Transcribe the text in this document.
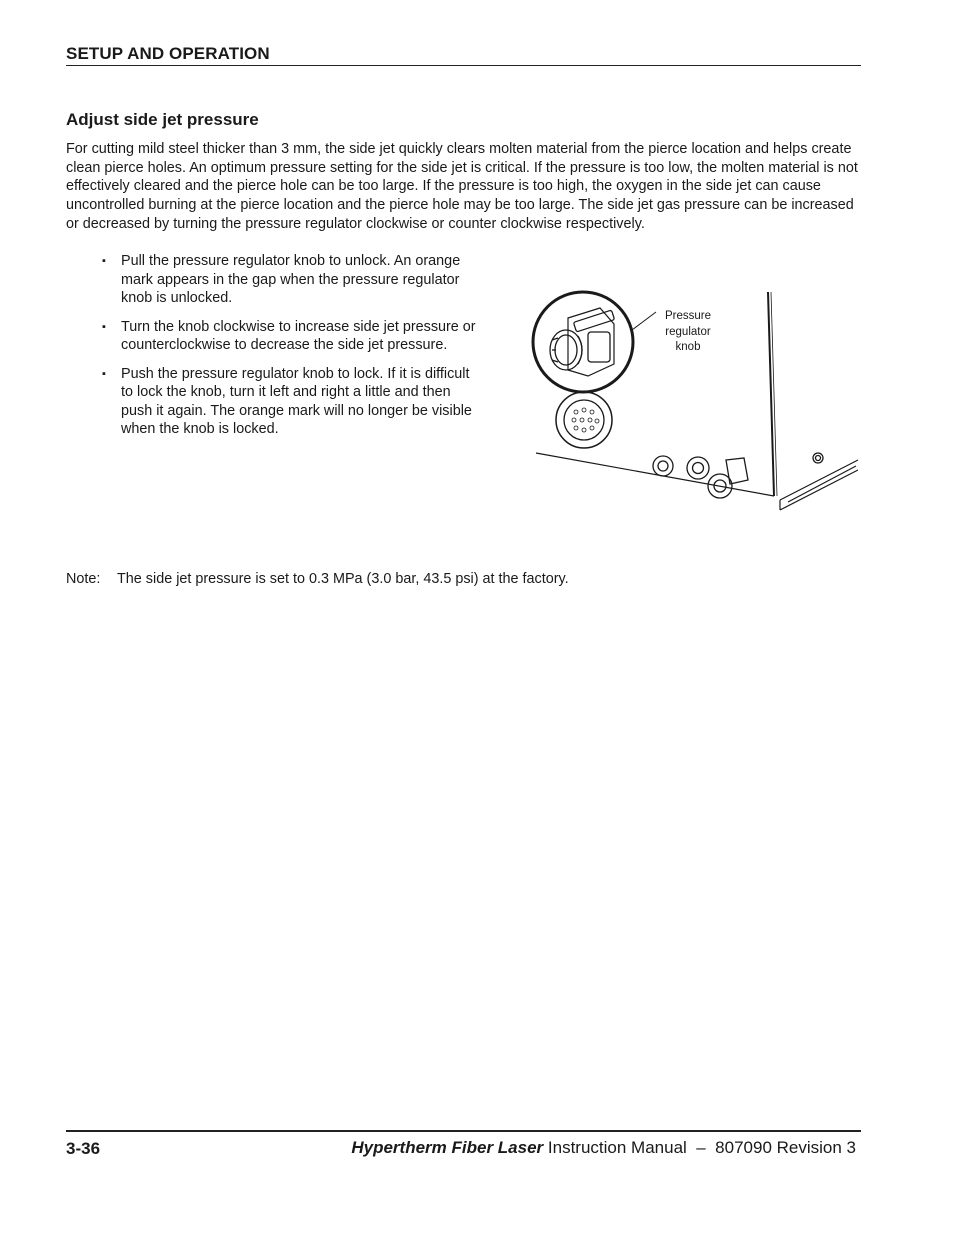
SETUP AND OPERATION
Adjust side jet pressure

For cutting mild steel thicker than 3 mm, the side jet quickly clears molten material from the pierce location and helps create clean pierce holes. An optimum pressure setting for the side jet is critical. If the pressure is too low, the molten material is not effectively cleared and the pierce hole can be too large. If the pressure is too high, the oxygen in the side jet can cause uncontrolled burning at the pierce location and the pierce hole may be too large. The side jet gas pressure can be increased or decreased by turning the pressure regulator clockwise or counter clockwise respectively.

▪ Pull the pressure regulator knob to unlock. An orange mark appears in the gap when the pressure regulator knob is unlocked.
▪ Turn the knob clockwise to increase side jet pressure or counterclockwise to decrease the side jet pressure.
▪ Push the pressure regulator knob to lock. If it is difficult to lock the knob, turn it left and right a little and then push it again. The orange mark will no longer be visible when the knob is locked.
Pressure
regulator
knob
Note: The side jet pressure is set to 0.3 MPa (3.0 bar, 43.5 psi) at the factory.
3-36	Hypertherm Fiber Laser Instruction Manual – 807090 Revision 3
